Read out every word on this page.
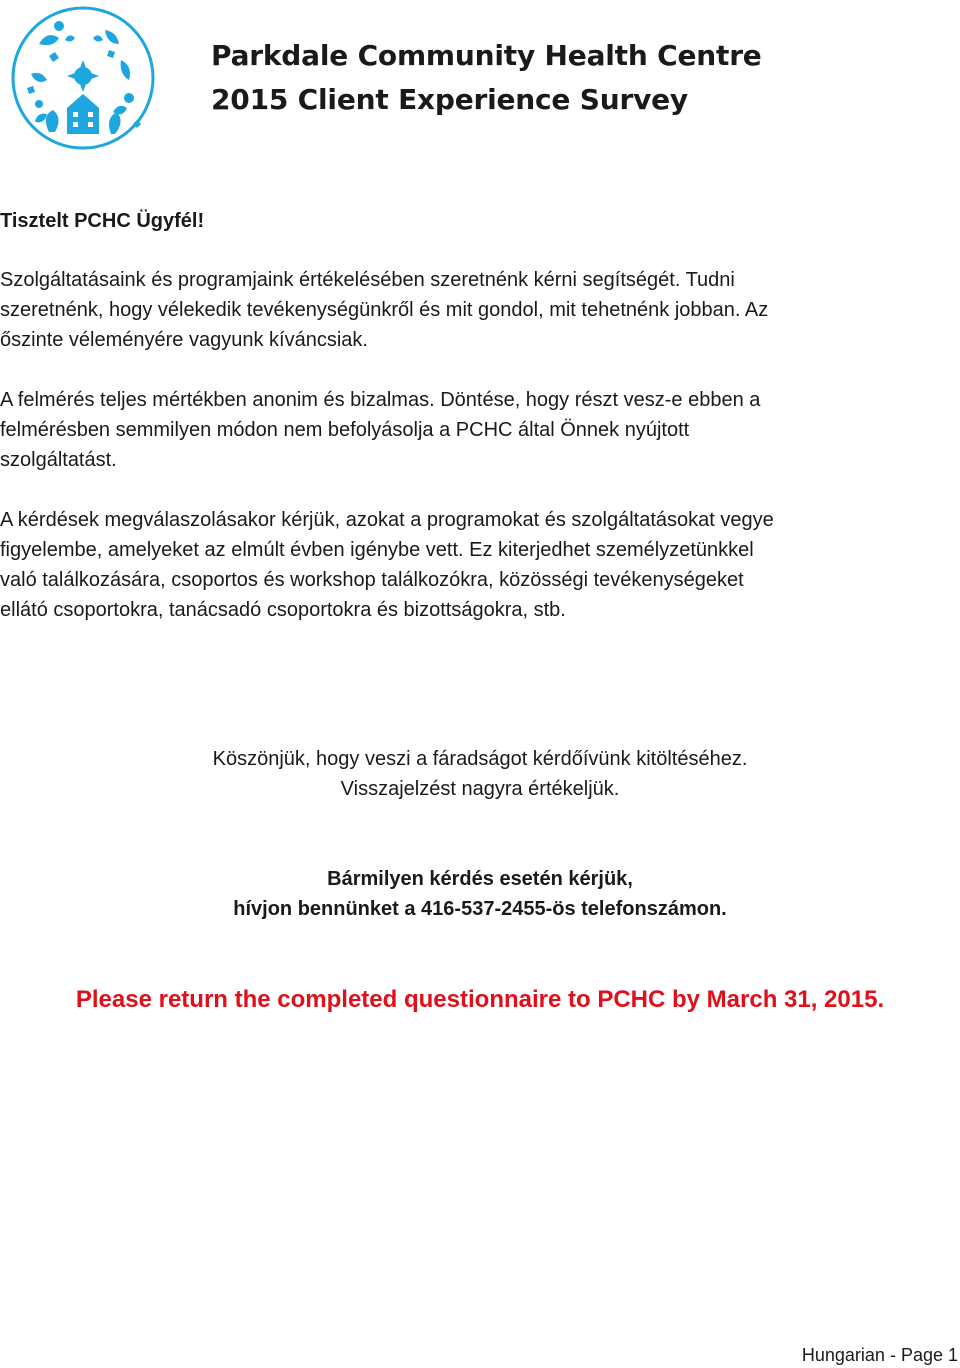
Parkdale Community Health Centre
2015 Client Experience Survey
Tisztelt PCHC Ügyfél!
Szolgáltatásaink és programjaink értékelésében szeretnénk kérni segítségét. Tudni
szeretnénk, hogy vélekedik tevékenységünkről és mit gondol, mit tehetnénk jobban. Az
őszinte véleményére vagyunk kíváncsiak.
A felmérés teljes mértékben anonim és bizalmas. Döntése, hogy részt vesz-e ebben a
felmérésben semmilyen módon nem befolyásolja a PCHC által Önnek nyújtott
szolgáltatást.
A kérdések megválaszolásakor kérjük, azokat a programokat és szolgáltatásokat vegye
figyelembe, amelyeket az elmúlt évben igénybe vett. Ez kiterjedhet személyzetünkkel
való találkozására, csoportos és workshop találkozókra, közösségi tevékenységeket
ellátó csoportokra, tanácsadó csoportokra és bizottságokra, stb.
Köszönjük, hogy veszi a fáradságot kérdőívünk kitöltéséhez.
Visszajelzést nagyra értékeljük.
Bármilyen kérdés esetén kérjük,
hívjon bennünket a 416-537-2455-ös telefonszámon.
Please return the completed questionnaire to PCHC by March 31, 2015.
Hungarian - Page 1
